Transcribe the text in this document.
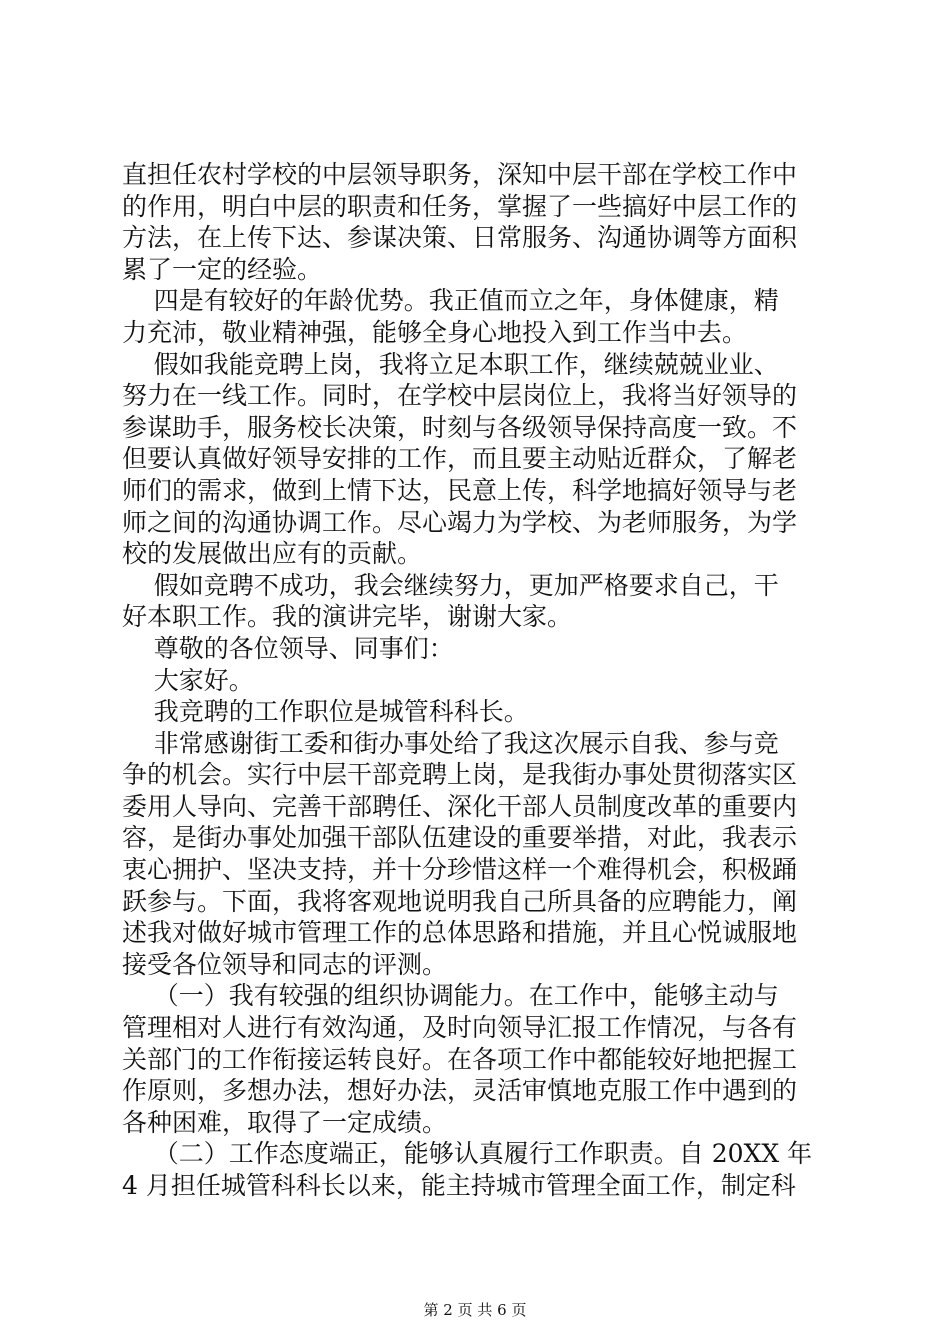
直担任农村学校的中层领导职务，深知中层干部在学校工作中
的作用，明白中层的职责和任务，掌握了一些搞好中层工作的
方法，在上传下达、参谋决策、日常服务、沟通协调等方面积
累了一定的经验。
四是有较好的年龄优势。我正值而立之年，身体健康，精
力充沛，敬业精神强，能够全身心地投入到工作当中去。
假如我能竞聘上岗，我将立足本职工作，继续兢兢业业、
努力在一线工作。同时，在学校中层岗位上，我将当好领导的
参谋助手，服务校长决策，时刻与各级领导保持高度一致。不
但要认真做好领导安排的工作，而且要主动贴近群众，了解老
师们的需求，做到上情下达，民意上传，科学地搞好领导与老
师之间的沟通协调工作。尽心竭力为学校、为老师服务，为学
校的发展做出应有的贡献。
假如竞聘不成功，我会继续努力，更加严格要求自己，干
好本职工作。我的演讲完毕，谢谢大家。
尊敬的各位领导、同事们：
大家好。
我竞聘的工作职位是城管科科长。
非常感谢街工委和街办事处给了我这次展示自我、参与竞
争的机会。实行中层干部竞聘上岗，是我街办事处贯彻落实区
委用人导向、完善干部聘任、深化干部人员制度改革的重要内
容，是街办事处加强干部队伍建设的重要举措，对此，我表示
衷心拥护、坚决支持，并十分珍惜这样一个难得机会，积极踊
跃参与。下面，我将客观地说明我自己所具备的应聘能力，阐
述我对做好城市管理工作的总体思路和措施，并且心悦诚服地
接受各位领导和同志的评测。
（一）我有较强的组织协调能力。在工作中，能够主动与
管理相对人进行有效沟通，及时向领导汇报工作情况，与各有
关部门的工作衔接运转良好。在各项工作中都能较好地把握工
作原则，多想办法，想好办法，灵活审慎地克服工作中遇到的
各种困难，取得了一定成绩。
（二）工作态度端正，能够认真履行工作职责。自 20XX 年
4 月担任城管科科长以来，能主持城市管理全面工作，制定科
第 2 页 共 6 页
